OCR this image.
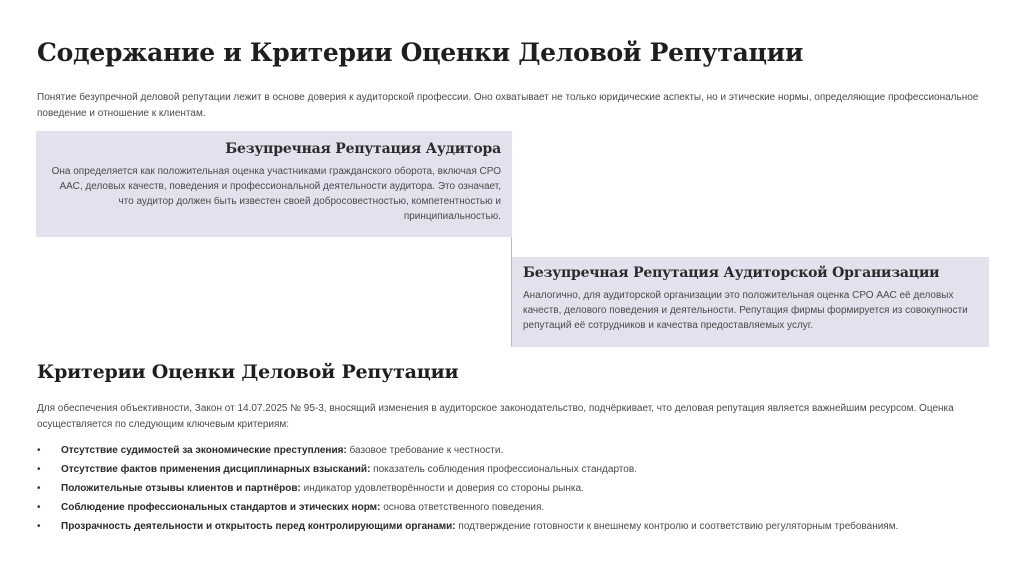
Содержание и Критерии Оценки Деловой Репутации

Понятие безупречной деловой репутации лежит в основе доверия к аудиторской профессии. Оно охватывает не только юридические аспекты, но и этические нормы, определяющие профессиональное поведение и отношение к клиентам.

Безупречная Репутация Аудитора

Она определяется как положительная оценка участниками гражданского оборота, включая СРО ААС, деловых качеств, поведения и профессиональной деятельности аудитора. Это означает, что аудитор должен быть известен своей добросовестностью, компетентностью и принципиальностью.

Безупречная Репутация Аудиторской Организации

Аналогично, для аудиторской организации это положительная оценка СРО ААС её деловых качеств, делового поведения и деятельности. Репутация фирмы формируется из совокупности репутаций её сотрудников и качества предоставляемых услуг.

Критерии Оценки Деловой Репутации

Для обеспечения объективности, Закон от 14.07.2025 № 95-3, вносящий изменения в аудиторское законодательство, подчёркивает, что деловая репутация является важнейшим ресурсом. Оценка осуществляется по следующим ключевым критериям:

• Отсутствие судимостей за экономические преступления: базовое требование к честности.
• Отсутствие фактов применения дисциплинарных взысканий: показатель соблюдения профессиональных стандартов.
• Положительные отзывы клиентов и партнёров: индикатор удовлетворённости и доверия со стороны рынка.
• Соблюдение профессиональных стандартов и этических норм: основа ответственного поведения.
• Прозрачность деятельности и открытость перед контролирующими органами: подтверждение готовности к внешнему контролю и соответствию регуляторным требованиям.
